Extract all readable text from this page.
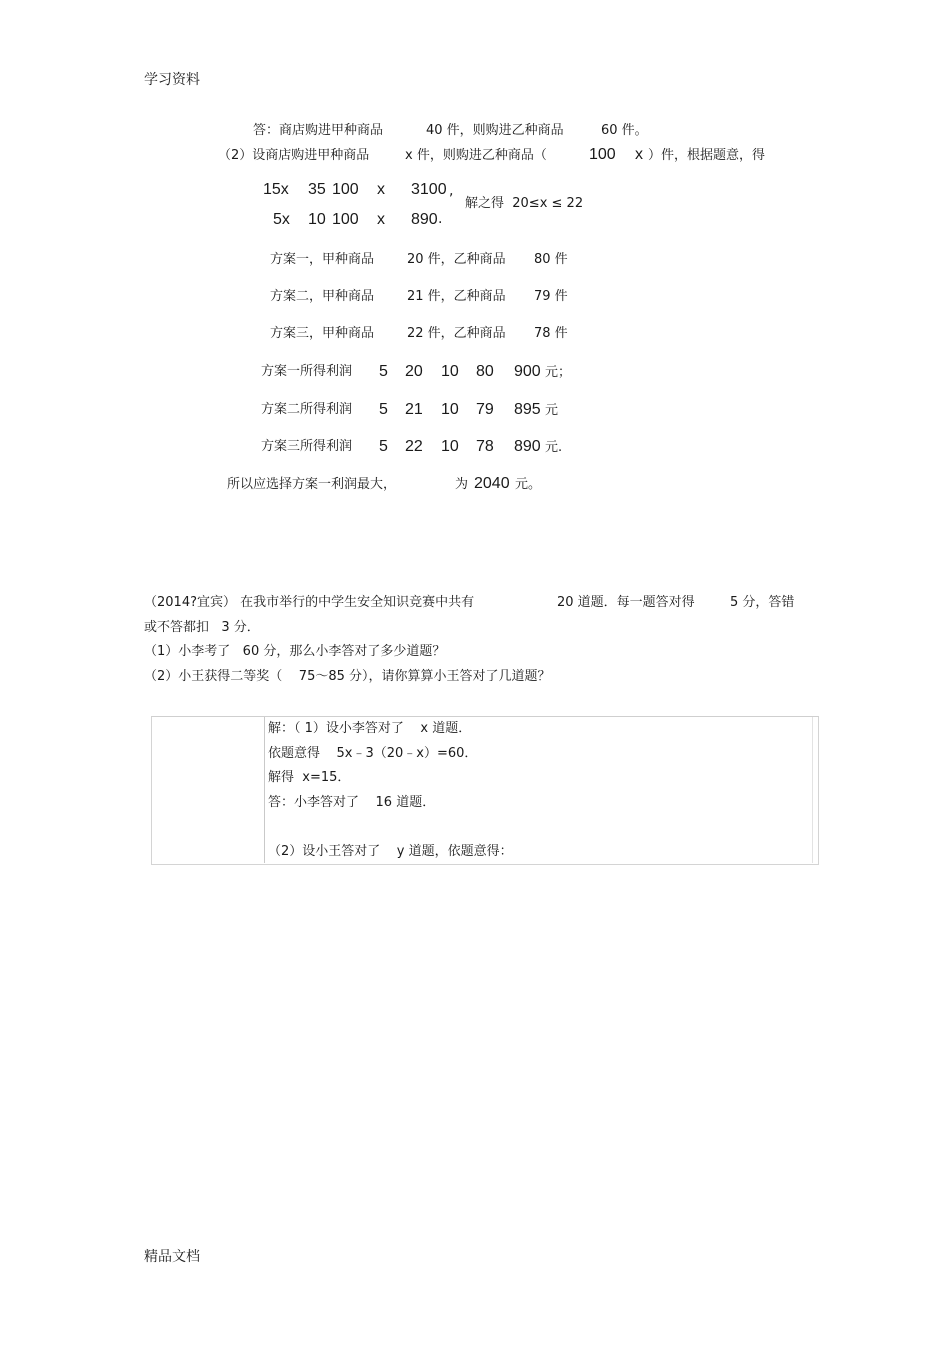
学习资料
精品文档
答：商店购进甲种商品	40 件，则购进乙种商品	60 件。
（2）设商店购进甲种商品	x 件，则购进乙种商品（	100 x ）件，根据题意，得
15x 35 100 x 3100 ,
5x 10 100 x 890 .
解之得  20≤x ≤ 22
方案一，甲种商品	20 件，乙种商品 80 件
方案二，甲种商品	21 件，乙种商品 79 件
方案三，甲种商品	22 件，乙种商品 78 件
方案一所得利润 5 20 10 80 900 元；
方案二所得利润 5 21 10 79 895 元
方案三所得利润 5 22 10 78 890 元.
所以应选择方案一利润最大，	为 2040 元。
（2014?宜宾） 在我市举行的中学生安全知识竞赛中共有	20 道题．每一题答对得	5 分，答错
或不答都扣   3 分．
（1）小李考了   60 分，那么小李答对了多少道题？
（2）小王获得二等奖（    75～85 分），请你算算小王答对了几道题？
解：（ 1）设小李答对了    x 道题．
依题意得    5x﹣3（20﹣x）=60．
解得  x=15．
答：小李答对了    16 道题．
（2）设小王答对了    y 道题，依题意得：
